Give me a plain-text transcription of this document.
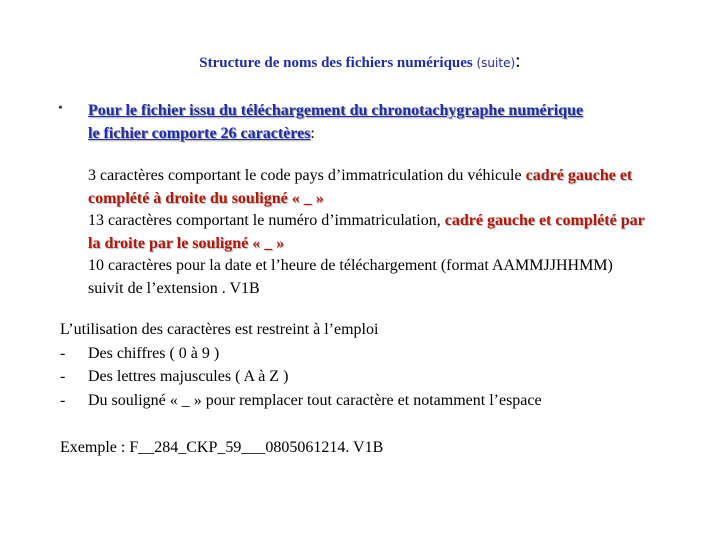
Structure de noms des fichiers numériques (suite):
• Pour le fichier issu du téléchargement du chronotachygraphe numérique
le fichier comporte 26 caractères:

3 caractères comportant le code pays d’immatriculation du véhicule cadré gauche et complété à droite du souligné « _ »

13 caractères comportant le numéro d’immatriculation, cadré gauche et complété par la droite par le souligné « _ »

10 caractères pour la date et l’heure de téléchargement (format AAMMJJHHMM) suivit de l’extension . V1B

L’utilisation des caractères est restreint à l’emploi

- Des chiffres ( 0 à 9 )
- Des lettres majuscules ( A à Z )
- Du souligné « _ » pour remplacer tout caractère et notamment l’espace
Exemple : F__284_CKP_59___0805061214. V1B
